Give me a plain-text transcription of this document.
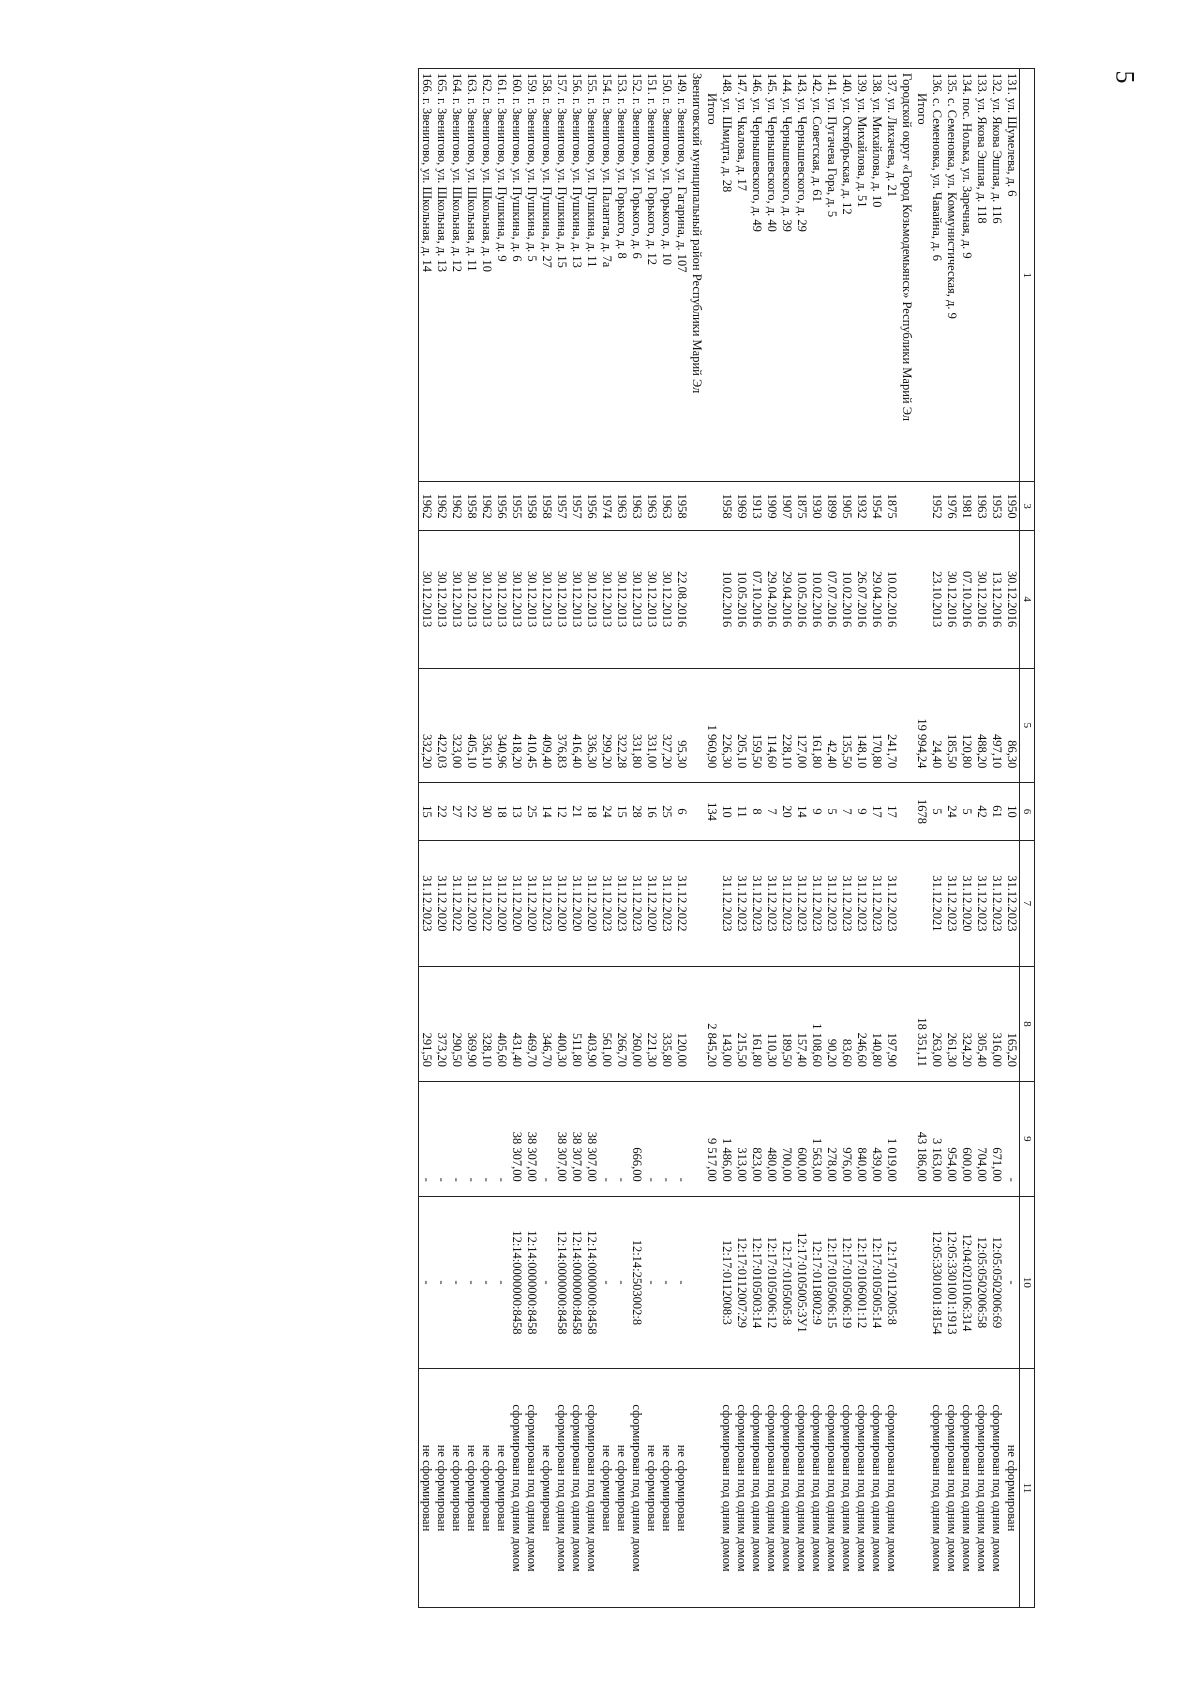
5
1	3	4	5	6	7	8	9	10	11
131. ул. Шумелева, д. 6	1950	30.12.2016	86,30	10	31.12.2023	165,20	-	-	не сформирован
132. ул. Якова Эшпая, д. 116	1953	13.12.2016	497,10	61	31.12.2023	316,00	671,00	12:05:0502006:69	сформирован под одним домом
133. ул. Якова Эшпая, д. 118	1963	30.12.2016	488,20	42	31.12.2023	305,40	704,00	12:05:0502006:58	сформирован под одним домом
134. пос. Нолька, ул. Заречная, д. 9	1981	07.10.2016	120,80	5	31.12.2020	324,20	600,00	12:04:0210106:314	сформирован под одним домом
135. с. Семеновка, ул. Коммунистическая, д. 9	1976	30.12.2016	185,50	24	31.12.2023	261,30	954,00	12:05:3301001:1913	сформирован под одним домом
136. с. Семеновка, ул. Чавайна, д. 6	1952	23.10.2013	24,40	5	31.12.2021	263,00	3 163,00	12:05:3301001:8154	сформирован под одним домом
Итого			19 994,24	1678		18 351,11	43 186,00		
Городской округ «Город Козьмодемьянск» Республики Марий Эл									
137. ул. Лихачева, д. 21	1875	10.02.2016	241,70	17	31.12.2023	197,90	1 019,00	12:17:0112005:8	сформирован под одним домом
138. ул. Михайлова, д. 10	1954	29.04.2016	170,80	17	31.12.2023	140,80	439,00	12:17:0105005:14	сформирован под одним домом
139. ул. Михайлова, д. 51	1932	26.07.2016	148,10	9	31.12.2023	246,60	840,00	12:17:0106001:12	сформирован под одним домом
140. ул. Октябрьская, д. 12	1905	10.02.2016	135,50	7	31.12.2023	83,60	976,00	12:17:0105006:19	сформирован под одним домом
141. ул. Пугачева Гора, д. 5	1899	07.07.2016	42,40	5	31.12.2023	90,20	278,00	12:17:0105006:15	сформирован под одним домом
142. ул. Советская, д. 61	1930	10.02.2016	161,80	9	31.12.2023	1 108,60	1 563,00	12:17:0118002:9	сформирован под одним домом
143. ул. Чернышевского, д. 29	1875	10.05.2016	127,00	14	31.12.2023	157,40	600,00	12:17:0105005:3У1	сформирован под одним домом
144. ул. Чернышевского, д. 39	1907	29.04.2016	228,10	20	31.12.2023	189,50	700,00	12:17:0105005:8	сформирован под одним домом
145. ул. Чернышевского, д. 40	1909	29.04.2016	114,60	7	31.12.2023	110,30	480,00	12:17:0105006:12	сформирован под одним домом
146. ул. Чернышевского, д. 49	1913	07.10.2016	159,50	8	31.12.2023	161,80	823,00	12:17:0105003:14	сформирован под одним домом
147. ул. Чкалова, д. 17	1969	10.05.2016	205,10	11	31.12.2023	215,50	313,00	12:17:0112007:29	сформирован под одним домом
148. ул. Шмидта, д. 28	1958	10.02.2016	226,30	10	31.12.2023	143,00	1 486,00	12:17:0112008:3	сформирован под одним домом
Итого			1 960,90	134		2 845,20	9 517,00		
Звениговский муниципальный район Республики Марий Эл									
149. г. Звенигово, ул. Гагарина, д. 107	1958	22.08.2016	95,30	6	31.12.2022	120,00	-	-	не сформирован
150. г. Звенигово, ул. Горького, д. 10	1963	30.12.2013	327,20	25	31.12.2023	335,80	-	-	не сформирован
151. г. Звенигово, ул. Горького, д. 12	1963	30.12.2013	331,00	16	31.12.2020	221,30	-	-	не сформирован
152. г. Звенигово, ул. Горького, д. 6	1963	30.12.2013	331,80	28	31.12.2023	260,00	666,00	12:14:2503002:8	сформирован под одним домом
153. г. Звенигово, ул. Горького, д. 8	1963	30.12.2013	322,28	15	31.12.2023	266,70	-	-	не сформирован
154. г. Звенигово, ул. Палантая, д. 7а	1974	30.12.2013	299,20	24	31.12.2023	561,00	-	-	не сформирован
155. г. Звенигово, ул. Пушкина, д. 11	1956	30.12.2013	336,30	18	31.12.2020	403,90	38 307,00	12:14:0000000:8458	сформирован под одним домом
156. г. Звенигово, ул. Пушкина, д. 13	1957	30.12.2013	416,40	21	31.12.2020	511,80	38 307,00	12:14:0000000:8458	сформирован под одним домом
157. г. Звенигово, ул. Пушкина, д. 15	1957	30.12.2013	376,83	12	31.12.2020	400,30	38 307,00	12:14:0000000:8458	сформирован под одним домом
158. г. Звенигово, ул. Пушкина, д. 27	1958	30.12.2013	409,40	14	31.12.2023	346,70	-	-	не сформирован
159. г. Звенигово, ул. Пушкина, д. 5	1958	30.12.2013	410,45	25	31.12.2020	469,70	38 307,00	12:14:0000000:8458	сформирован под одним домом
160. г. Звенигово, ул. Пушкина, д. 6	1955	30.12.2013	418,20	13	31.12.2020	431,40	38 307,00	12:14:0000000:8458	сформирован под одним домом
161. г. Звенигово, ул. Пушкина, д. 9	1956	30.12.2013	340,96	18	31.12.2020	405,60	-	-	не сформирован
162. г. Звенигово, ул. Школьная, д. 10	1962	30.12.2013	336,10	30	31.12.2022	328,10	-	-	не сформирован
163. г. Звенигово, ул. Школьная, д. 11	1958	30.12.2013	405,10	22	31.12.2020	369,90	-	-	не сформирован
164. г. Звенигово, ул. Школьная, д. 12	1962	30.12.2013	323,00	27	31.12.2022	290,50	-	-	не сформирован
165. г. Звенигово, ул. Школьная, д. 13	1962	30.12.2013	422,03	22	31.12.2020	373,20	-	-	не сформирован
166. г. Звенигово, ул. Школьная, д. 14	1962	30.12.2013	332,20	15	31.12.2023	291,50	-	-	не сформирован
